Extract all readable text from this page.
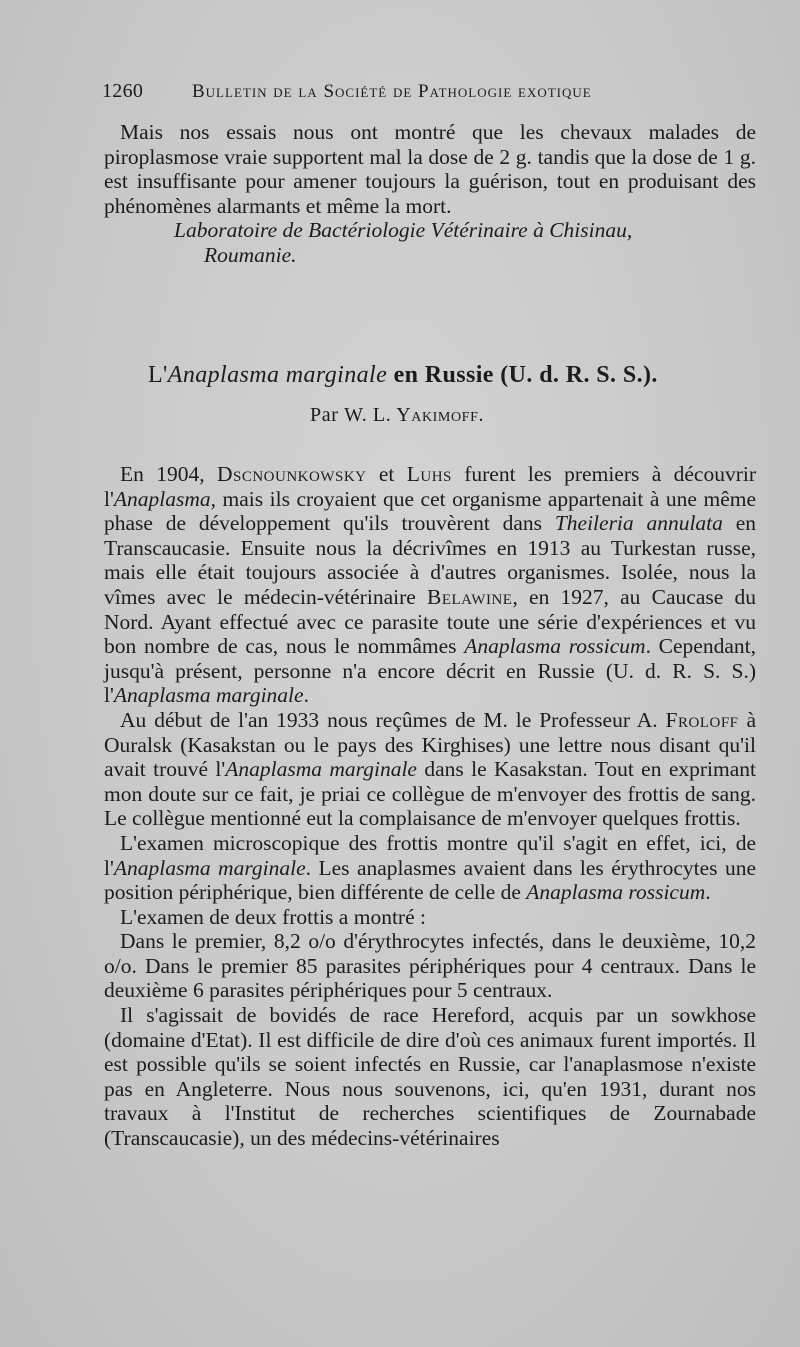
1260	Bulletin de la Société de Pathologie exotique

Mais nos essais nous ont montré que les chevaux malades de piroplasmose vraie supportent mal la dose de 2 g. tandis que la dose de 1 g. est insuffisante pour amener toujours la guérison, tout en produisant des phénomènes alarmants et même la mort.

Laboratoire de Bactériologie Vétérinaire à Chisinau,
Roumanie.

L'Anaplasma marginale en Russie (U. d. R. S. S.).
Par W. L. Yakimoff.

En 1904, Dscnounkowsky et Luhs furent les premiers à découvrir l'Anaplasma, mais ils croyaient que cet organisme appartenait à une même phase de développement qu'ils trouvèrent dans Theileria annulata en Transcaucasie. Ensuite nous la décrivîmes en 1913 au Turkestan russe, mais elle était toujours associée à d'autres organismes. Isolée, nous la vîmes avec le médecin-vétérinaire Belawine, en 1927, au Caucase du Nord. Ayant effectué avec ce parasite toute une série d'expériences et vu bon nombre de cas, nous le nommâmes Anaplasma rossicum. Cependant, jusqu'à présent, personne n'a encore décrit en Russie (U. d. R. S. S.) l'Anaplasma marginale.

Au début de l'an 1933 nous reçûmes de M. le Professeur A. Froloff à Ouralsk (Kasakstan ou le pays des Kirghises) une lettre nous disant qu'il avait trouvé l'Anaplasma marginale dans le Kasakstan. Tout en exprimant mon doute sur ce fait, je priai ce collègue de m'envoyer des frottis de sang. Le collègue mentionné eut la complaisance de m'envoyer quelques frottis.

L'examen microscopique des frottis montre qu'il s'agit en effet, ici, de l'Anaplasma marginale. Les anaplasmes avaient dans les érythrocytes une position périphérique, bien différente de celle de Anaplasma rossicum.

L'examen de deux frottis a montré :

Dans le premier, 8,2 o/o d'érythrocytes infectés, dans le deuxième, 10,2 o/o. Dans le premier 85 parasites périphériques pour 4 centraux. Dans le deuxième 6 parasites périphériques pour 5 centraux.

Il s'agissait de bovidés de race Hereford, acquis par un sowkhose (domaine d'Etat). Il est difficile de dire d'où ces animaux furent importés. Il est possible qu'ils se soient infectés en Russie, car l'anaplasmose n'existe pas en Angleterre. Nous nous souvenons, ici, qu'en 1931, durant nos travaux à l'Institut de recherches scientifiques de Zournabade (Transcaucasie), un des médecins-vétérinaires
